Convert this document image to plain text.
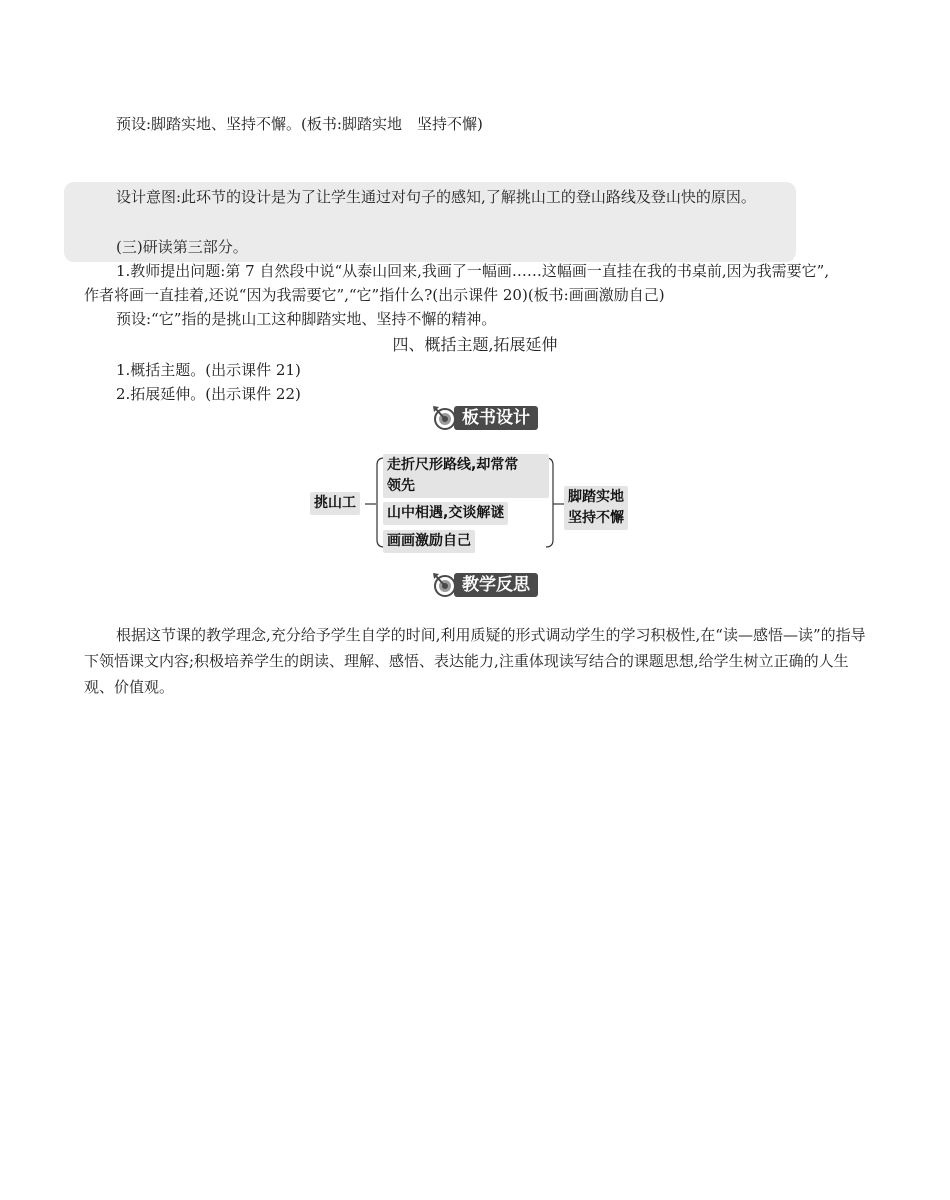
预设:脚踏实地、坚持不懈。(板书:脚踏实地　坚持不懈)
设计意图:此环节的设计是为了让学生通过对句子的感知,了解挑山工的登山路线及登山快的原因。
(三)研读第三部分。
1.教师提出问题:第 7 自然段中说“从泰山回来,我画了一幅画……这幅画一直挂在我的书桌前,因为我需要它”,
作者将画一直挂着,还说“因为我需要它”,“它”指什么?(出示课件 20)(板书:画画激励自己)
预设:“它”指的是挑山工这种脚踏实地、坚持不懈的精神。
四、概括主题,拓展延伸
1.概括主题。(出示课件 21)
2.拓展延伸。(出示课件 22)
板书设计
挑山工
走折尺形路线,却常常
领先
山中相遇,交谈解谜
画画激励自己
脚踏实地
坚持不懈
教学反思
根据这节课的教学理念,充分给予学生自学的时间,利用质疑的形式调动学生的学习积极性,在“读—感悟—读”的指导下领悟课文内容;积极培养学生的朗读、理解、感悟、表达能力,注重体现读写结合的课题思想,给学生树立正确的人生观、价值观。
